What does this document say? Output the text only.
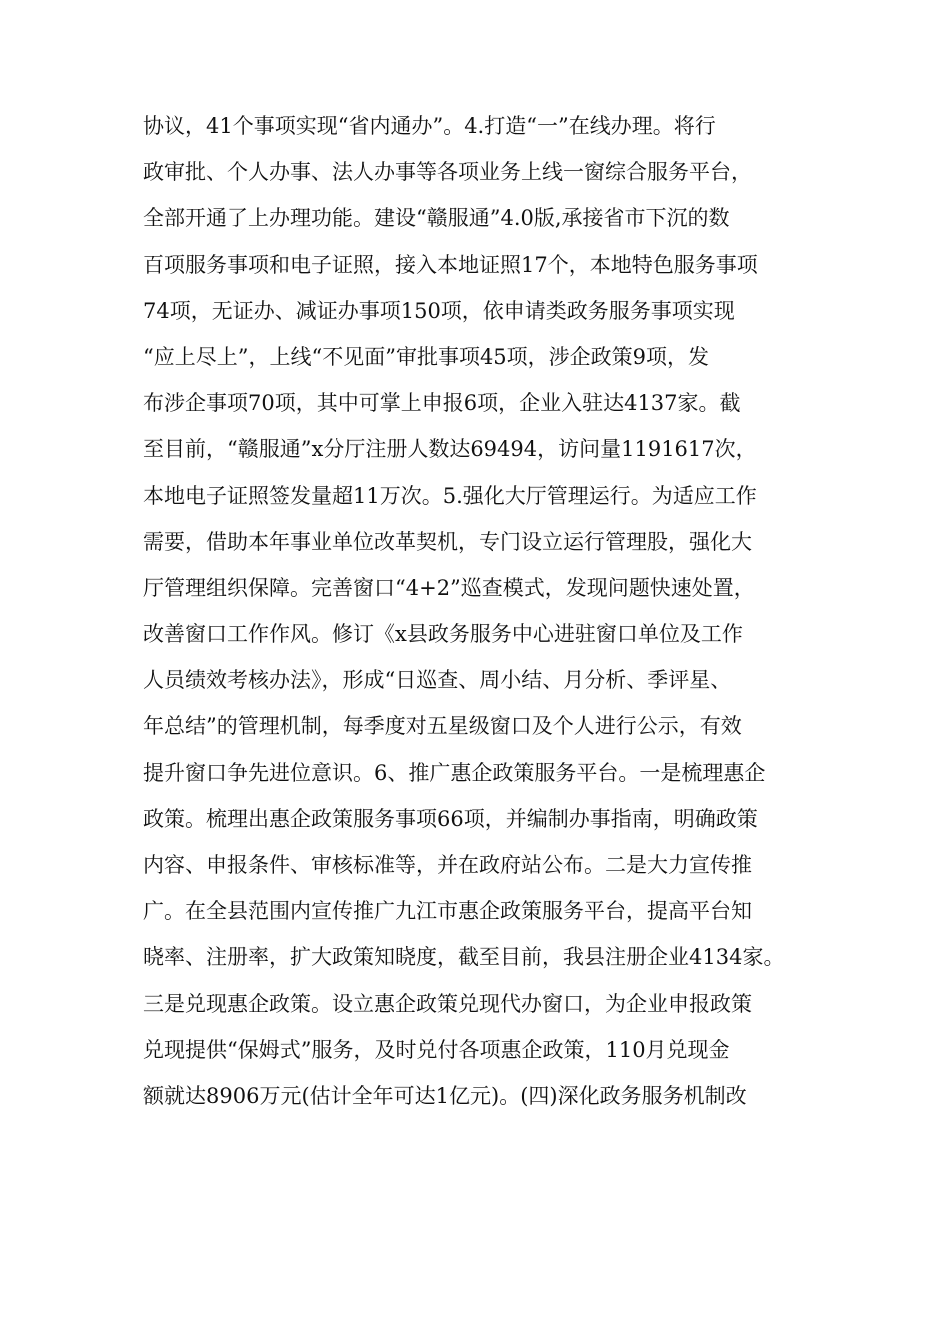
协议，41个事项实现“省内通办”。4.打造“一”在线办理。将行
政审批、个人办事、法人办事等各项业务上线一窗综合服务平台，
全部开通了上办理功能。建设“赣服通”4.0版,承接省市下沉的数
百项服务事项和电子证照，接入本地证照17个，本地特色服务事项
74项，无证办、减证办事项150项，依申请类政务服务事项实现
“应上尽上”，上线“不见面”审批事项45项，涉企政策9项，发
布涉企事项70项，其中可掌上申报6项，企业入驻达4137家。截
至目前，“赣服通”x分厅注册人数达69494，访问量1191617次，
本地电子证照签发量超11万次。5.强化大厅管理运行。为适应工作
需要，借助本年事业单位改革契机，专门设立运行管理股，强化大
厅管理组织保障。完善窗口“4+2”巡查模式，发现问题快速处置，
改善窗口工作作风。修订《x县政务服务中心进驻窗口单位及工作
人员绩效考核办法》，形成“日巡查、周小结、月分析、季评星、
年总结”的管理机制，每季度对五星级窗口及个人进行公示，有效
提升窗口争先进位意识。6、推广惠企政策服务平台。一是梳理惠企
政策。梳理出惠企政策服务事项66项，并编制办事指南，明确政策
内容、申报条件、审核标准等，并在政府站公布。二是大力宣传推
广。在全县范围内宣传推广九江市惠企政策服务平台，提高平台知
晓率、注册率，扩大政策知晓度，截至目前，我县注册企业4134家。
三是兑现惠企政策。设立惠企政策兑现代办窗口，为企业申报政策
兑现提供“保姆式”服务，及时兑付各项惠企政策，110月兑现金
额就达8906万元(估计全年可达1亿元)。(四)深化政务服务机制改
